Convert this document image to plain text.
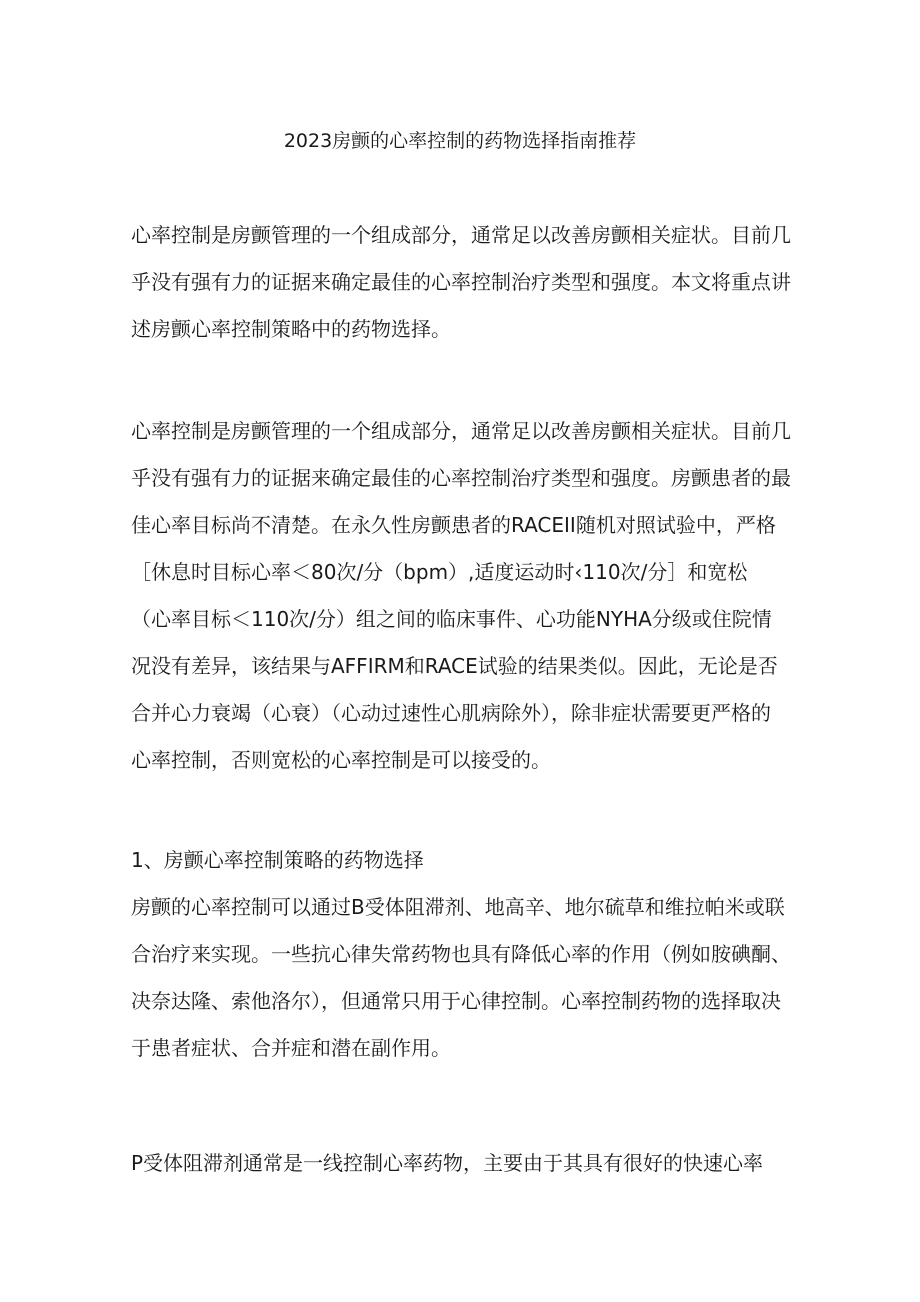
2023房颤的心率控制的药物选择指南推荐
心率控制是房颤管理的一个组成部分，通常足以改善房颤相关症状。目前几
乎没有强有力的证据来确定最佳的心率控制治疗类型和强度。本文将重点讲
述房颤心率控制策略中的药物选择。
心率控制是房颤管理的一个组成部分，通常足以改善房颤相关症状。目前几
乎没有强有力的证据来确定最佳的心率控制治疗类型和强度。房颤患者的最
佳心率目标尚不清楚。在永久性房颤患者的RACEII随机对照试验中，严格
［休息时目标心率＜80次/分（bpm）,适度运动时‹110次/分］和宽松
（心率目标＜110次/分）组之间的临床事件、心功能NYHA分级或住院情
况没有差异，该结果与AFFIRM和RACE试验的结果类似。因此，无论是否
合并心力衰竭（心衰）（心动过速性心肌病除外），除非症状需要更严格的
心率控制，否则宽松的心率控制是可以接受的。
1、房颤心率控制策略的药物选择
房颤的心率控制可以通过B受体阻滞剂、地高辛、地尔硫草和维拉帕米或联
合治疗来实现。一些抗心律失常药物也具有降低心率的作用（例如胺碘酮、
决奈达隆、索他洛尔），但通常只用于心律控制。心率控制药物的选择取决
于患者症状、合并症和潜在副作用。
P受体阻滞剂通常是一线控制心率药物，主要由于其具有很好的快速心率
